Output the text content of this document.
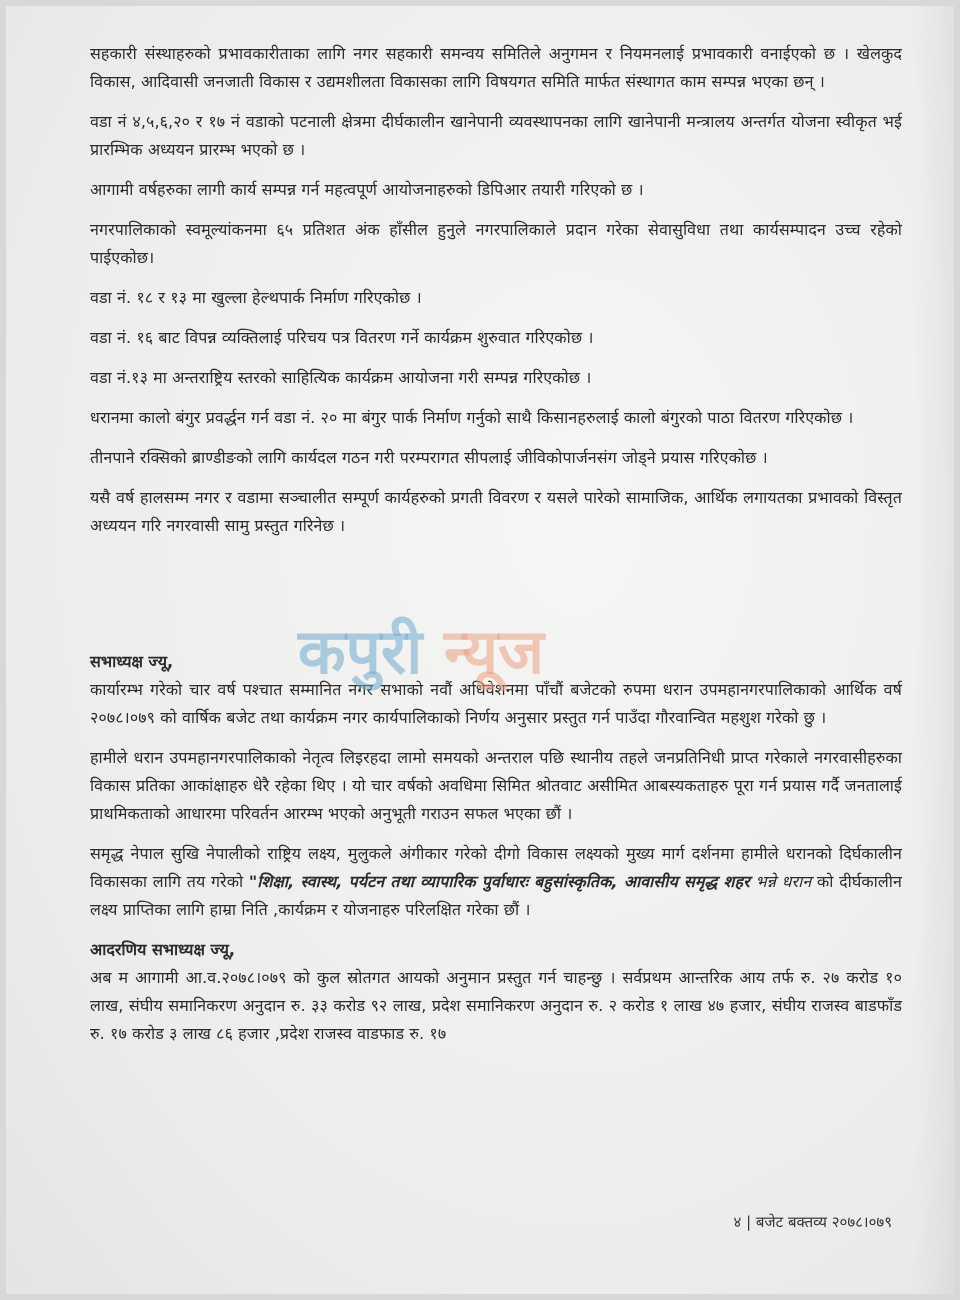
सहकारी संस्थाहरुको प्रभावकारीताका लागि नगर सहकारी समन्वय समितिले अनुगमन र नियमनलाई प्रभावकारी वनाईएको छ । खेलकुद विकास, आदिवासी जनजाती विकास र उद्यमशीलता विकासका लागि विषयगत समिति मार्फत संस्थागत काम सम्पन्न भएका छन् ।

वडा नं ४,५,६,२० र १७ नं वडाको पटनाली क्षेत्रमा दीर्घकालीन खानेपानी व्यवस्थापनका लागि खानेपानी मन्त्रालय अन्तर्गत योजना स्वीकृत भई प्रारम्भिक अध्ययन प्रारम्भ भएको छ ।

आगामी वर्षहरुका लागी कार्य सम्पन्न गर्न महत्वपूर्ण आयोजनाहरुको डिपिआर तयारी गरिएको छ ।

नगरपालिकाको स्वमूल्यांकनमा ६५ प्रतिशत अंक हाँसील हुनुले नगरपालिकाले प्रदान गरेका सेवासुविधा तथा कार्यसम्पादन उच्च रहेको पाईएकोछ।

वडा नं. १८ र १३ मा खुल्ला हेल्थपार्क निर्माण गरिएकोछ ।

वडा नं. १६ बाट विपन्न व्यक्तिलाई परिचय पत्र वितरण गर्ने कार्यक्रम शुरुवात गरिएकोछ ।

वडा नं.१३ मा अन्तराष्ट्रिय स्तरको साहित्यिक कार्यक्रम आयोजना गरी सम्पन्न गरिएकोछ ।

धरानमा कालो बंगुर प्रवर्द्धन गर्न वडा नं. २० मा बंगुर पार्क निर्माण गर्नुको साथै किसानहरुलाई कालो बंगुरको पाठा वितरण गरिएकोछ ।

तीनपाने रक्सिको ब्राण्डीङको लागि कार्यदल गठन गरी परम्परागत सीपलाई जीविकोपार्जनसंग जोड्ने प्रयास गरिएकोछ ।

यसै वर्ष हालसम्म नगर र वडामा सञ्चालीत सम्पूर्ण कार्यहरुको प्रगती विवरण र यसले पारेको सामाजिक, आर्थिक लगायतका प्रभावको विस्तृत अध्ययन गरि नगरवासी सामु प्रस्तुत गरिनेछ ।

सभाध्यक्ष ज्यू,

कार्यारम्भ गरेको चार वर्ष पश्चात सम्मानित नगर सभाको नवौं अधिवेशनमा पाँचौं बजेटको रुपमा धरान उपमहानगरपालिकाको आर्थिक वर्ष २०७८।०७९ को वार्षिक बजेट तथा कार्यक्रम नगर कार्यपालिकाको निर्णय अनुसार प्रस्तुत गर्न पाउँदा गौरवान्वित महशुश गरेको छु ।

हामीले धरान उपमहानगरपालिकाको नेतृत्व लिइरहदा लामो समयको अन्तराल पछि स्थानीय तहले जनप्रतिनिधी प्राप्त गरेकाले नगरवासीहरुका विकास प्रतिका आकांक्षाहरु धेरै रहेका थिए । यो चार वर्षको अवधिमा सिमित श्रोतवाट असीमित आबस्यकताहरु पूरा गर्न प्रयास गर्दै जनतालाई प्राथमिकताको आधारमा परिवर्तन आरम्भ भएको अनुभूती गराउन सफल भएका छौं ।

समृद्ध नेपाल सुखि नेपालीको राष्ट्रिय लक्ष्य, मुलुकले अंगीकार गरेको दीगो विकास लक्ष्यको मुख्य मार्ग दर्शनमा हामीले धरानको दिर्घकालीन विकासका लागि तय गरेको "शिक्षा, स्वास्थ, पर्यटन तथा व्यापारिक पुर्वाधारः बहुसांस्कृतिक, आवासीय समृद्ध शहर भन्ने धरान को दीर्घकालीन लक्ष्य प्राप्तिका लागि हाम्रा निति ,कार्यक्रम र योजनाहरु परिलक्षित गरेका छौं ।

आदरणिय सभाध्यक्ष ज्यू,

अब म आगामी आ.व.२०७८।०७९ को कुल स्रोतगत आयको अनुमान प्रस्तुत गर्न चाहन्छु । सर्वप्रथम आन्तरिक आय तर्फ रु. २७ करोड १० लाख, संघीय समानिकरण अनुदान रु. ३३ करोड ९२ लाख, प्रदेश समानिकरण अनुदान रु. २ करोड १ लाख ४७ हजार, संघीय राजस्व बाडफाँड रु. १७ करोड ३ लाख ८६ हजार ,प्रदेश राजस्व वाडफाड रु. १७

कपुरी न्यूज
४ | बजेट बक्तव्य २०७८।०७९
